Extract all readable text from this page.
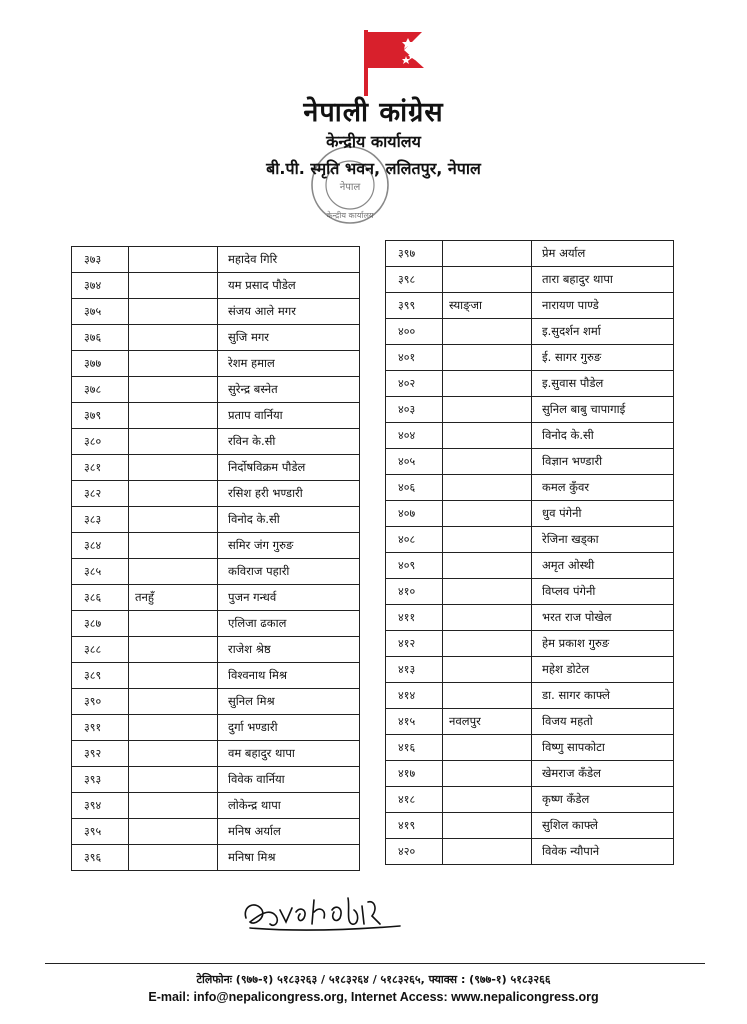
नेपाली कांग्रेस
नेपाल
केन्द्रीय कार्यालय
केन्द्रीय कार्यालय
बी.पी. स्मृति भवन, ललितपुर, नेपाल
३७३		महादेव गिरि
३७४		यम प्रसाद पौडेल
३७५		संजय आले मगर
३७६		सुजि मगर
३७७		रेशम हमाल
३७८		सुरेन्द्र बस्नेत
३७९		प्रताप वार्निया
३८०		रविन के.सी
३८१		निर्दोषविक्रम पौडेल
३८२		रसिश हरी भण्डारी
३८३		विनोद के.सी
३८४		समिर जंग गुरुङ
३८५		कविराज पहारी
३८६	तनहुँ	पुजन गन्धर्व
३८७		एलिजा ढकाल
३८८		राजेश श्रेष्ठ
३८९		विश्वनाथ मिश्र
३९०		सुनिल मिश्र
३९१		दुर्गा भण्डारी
३९२		वम बहादुर थापा
३९३		विवेक वार्निया
३९४		लोकेन्द्र थापा
३९५		मनिष अर्याल
३९६		मनिषा मिश्र
३९७		प्रेम अर्याल
३९८		तारा बहादुर थापा
३९९	स्याङ्जा	नारायण पाण्डे
४००		इ.सुदर्शन शर्मा
४०१		ई. सागर गुरुङ
४०२		इ.सुवास पौडेल
४०३		सुनिल बाबु चापागाई
४०४		विनोद के.सी
४०५		विज्ञान भण्डारी
४०६		कमल कुँवर
४०७		धुव पंगेनी
४०८		रेजिना खड्का
४०९		अमृत ओस्थी
४१०		विप्लव पंगेनी
४११		भरत राज पोखेल
४१२		हेम प्रकाश गुरुङ
४१३		महेश डोटेल
४१४		डा. सागर काफ्ले
४१५	नवलपुर	विजय महतो
४१६		विष्णु सापकोटा
४१७		खेमराज कँडेल
४१८		कृष्ण कँडेल
४१९		सुशिल काफ्ले
४२०		विवेक न्यौपाने
टेलिफोनः (९७७-१) ५१८३२६३ / ५१८३२६४ / ५१८३२६५, फ्याक्स : (९७७-१) ५१८३२६६
E-mail: info@nepalicongress.org, Internet Access: www.nepalicongress.org
